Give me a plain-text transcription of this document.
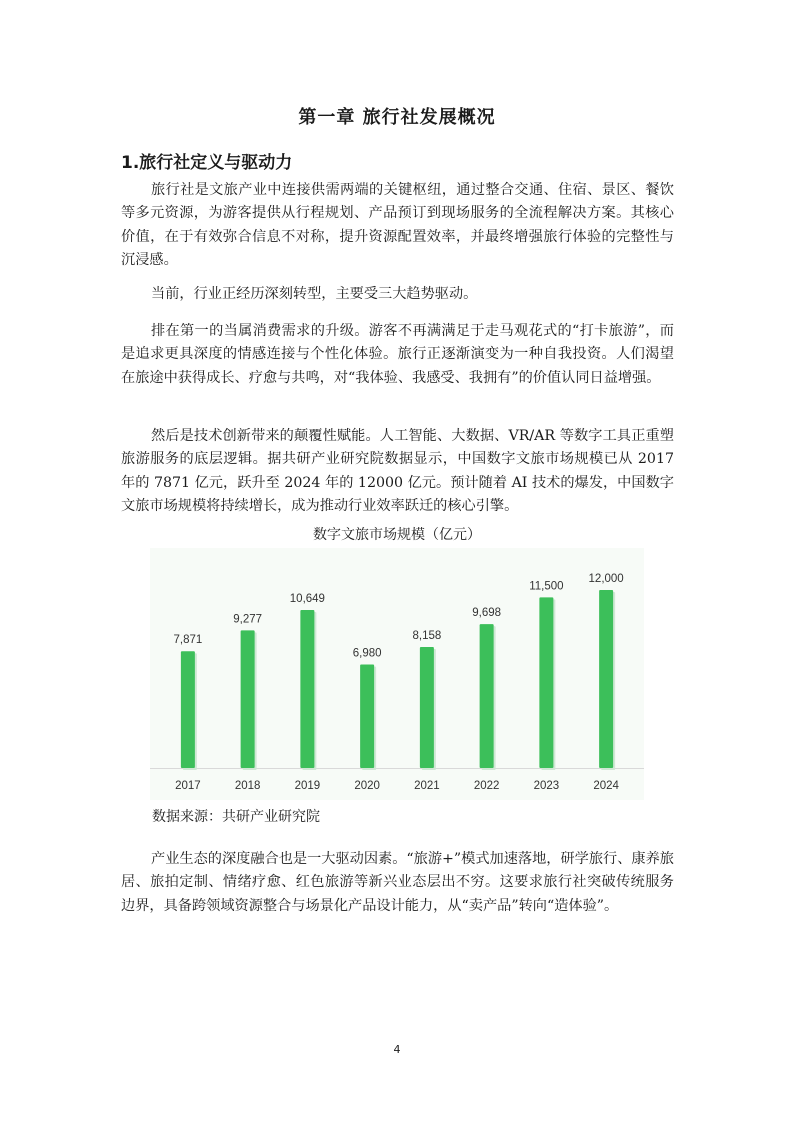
第一章 旅行社发展概况
1.旅行社定义与驱动力

旅行社是文旅产业中连接供需两端的关键枢纽，通过整合交通、住宿、景区、餐饮等多元资源，为游客提供从行程规划、产品预订到现场服务的全流程解决方案。其核心价值，在于有效弥合信息不对称，提升资源配置效率，并最终增强旅行体验的完整性与沉浸感。

当前，行业正经历深刻转型，主要受三大趋势驱动。

排在第一的当属消费需求的升级。游客不再满满足于走马观花式的“打卡旅游”，而是追求更具深度的情感连接与个性化体验。旅行正逐渐演变为一种自我投资。人们渴望在旅途中获得成长、疗愈与共鸣，对“我体验、我感受、我拥有”的价值认同日益增强。

然后是技术创新带来的颠覆性赋能。人工智能、大数据、VR/AR 等数字工具正重塑旅游服务的底层逻辑。据共研产业研究院数据显示，中国数字文旅市场规模已从 2017 年的 7871 亿元，跃升至 2024 年的 12000 亿元。预计随着 AI 技术的爆发，中国数字文旅市场规模将持续增长，成为推动行业效率跃迁的核心引擎。

数字文旅市场规模（亿元）
7,871
2017
9,277
2018
10,649
2019
6,980
2020
8,158
2021
9,698
2022
11,500
2023
12,000
2024
数据来源：共研产业研究院

产业生态的深度融合也是一大驱动因素。“旅游+”模式加速落地，研学旅行、康养旅居、旅拍定制、情绪疗愈、红色旅游等新兴业态层出不穷。这要求旅行社突破传统服务边界，具备跨领域资源整合与场景化产品设计能力，从“卖产品”转向“造体验”。

4
